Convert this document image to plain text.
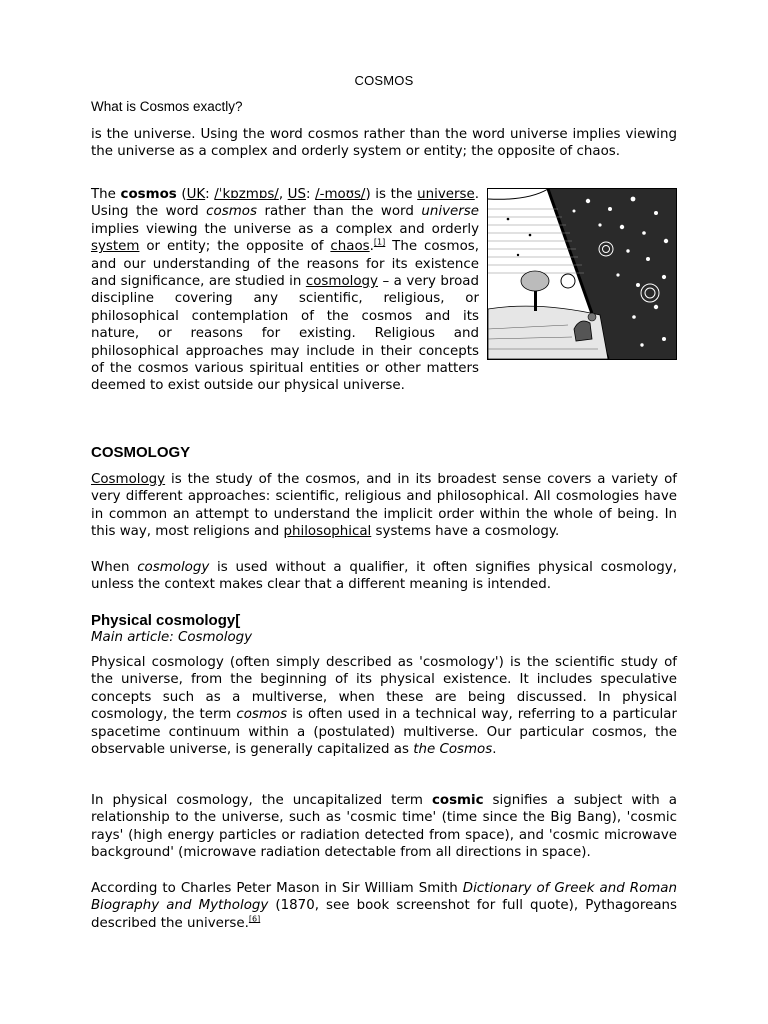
COSMOS
What is Cosmos exactly?

is the universe. Using the word cosmos rather than the word universe implies viewing the universe as a complex and orderly system or entity; the opposite of chaos.

The cosmos (UK: /ˈkɒzmɒs/, US: /-moʊs/) is the universe. Using the word cosmos rather than the word universe implies viewing the universe as a complex and orderly system or entity; the opposite of chaos.[1] The cosmos, and our understanding of the reasons for its existence and significance, are studied in cosmology – a very broad discipline covering any scientific, religious, or philosophical contemplation of the cosmos and its nature, or reasons for existing. Religious and philosophical approaches may include in their concepts of the cosmos various spiritual entities or other matters deemed to exist outside our physical universe.

COSMOLOGY

Cosmology is the study of the cosmos, and in its broadest sense covers a variety of very different approaches: scientific, religious and philosophical. All cosmologies have in common an attempt to understand the implicit order within the whole of being. In this way, most religions and philosophical systems have a cosmology.

When cosmology is used without a qualifier, it often signifies physical cosmology, unless the context makes clear that a different meaning is intended.

Physical cosmology[
Main article: Cosmology

Physical cosmology (often simply described as 'cosmology') is the scientific study of the universe, from the beginning of its physical existence. It includes speculative concepts such as a multiverse, when these are being discussed. In physical cosmology, the term cosmos is often used in a technical way, referring to a particular spacetime continuum within a (postulated) multiverse. Our particular cosmos, the observable universe, is generally capitalized as the Cosmos.

In physical cosmology, the uncapitalized term cosmic signifies a subject with a relationship to the universe, such as 'cosmic time' (time since the Big Bang), 'cosmic rays' (high energy particles or radiation detected from space), and 'cosmic microwave background' (microwave radiation detectable from all directions in space).

According to Charles Peter Mason in Sir William Smith Dictionary of Greek and Roman Biography and Mythology (1870, see book screenshot for full quote), Pythagoreans described the universe.[6]
